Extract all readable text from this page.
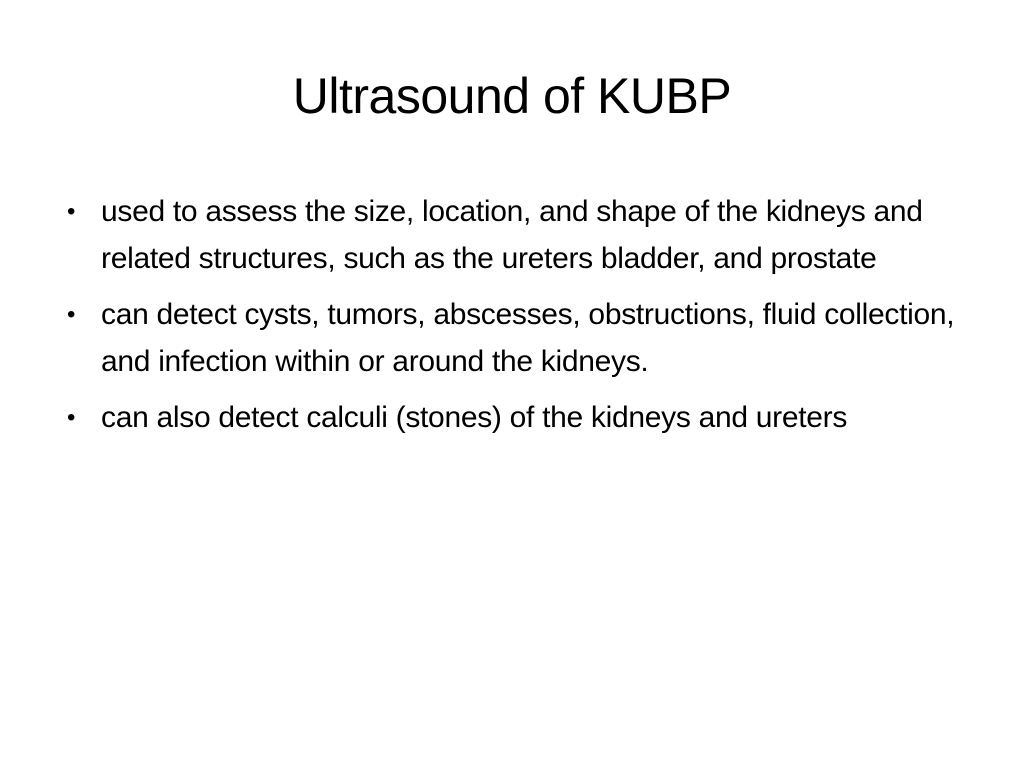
Ultrasound of KUBP
• used to assess the size, location, and shape of the kidneys and related structures, such as the ureters bladder, and prostate
• can detect cysts, tumors, abscesses, obstructions, fluid collection, and infection within or around the kidneys.
• can also detect calculi (stones) of the kidneys and ureters
